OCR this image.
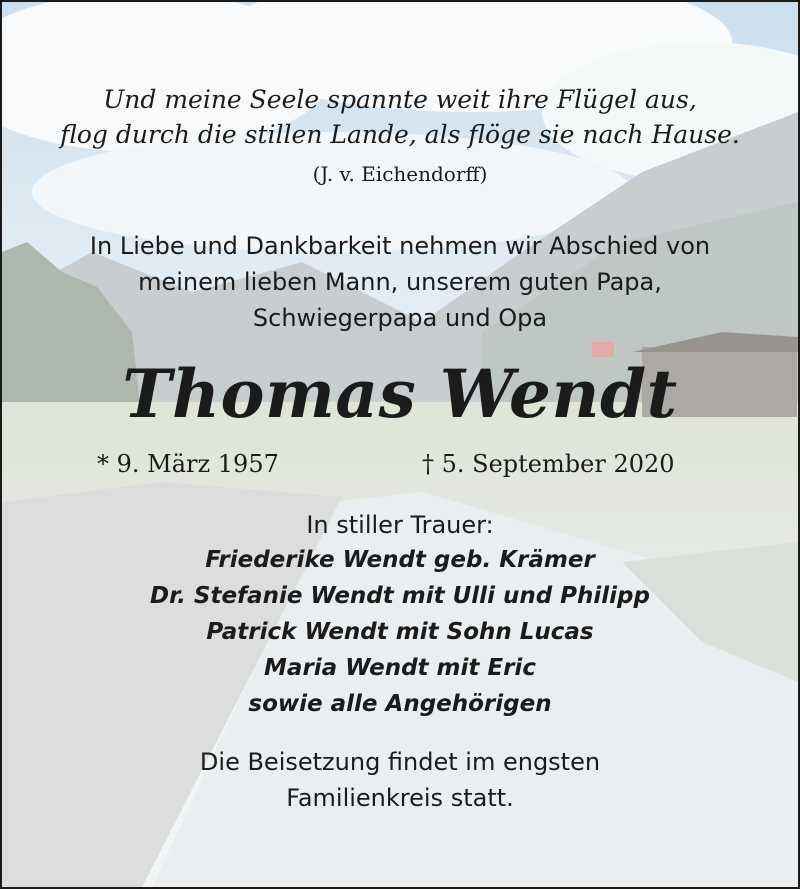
Und meine Seele spannte weit ihre Flügel aus,

flog durch die stillen Lande, als flöge sie nach Hause.

(J. v. Eichendorff)

In Liebe und Dankbarkeit nehmen wir Abschied von

meinem lieben Mann, unserem guten Papa,

Schwiegerpapa und Opa

Thomas Wendt

* 9. März 1957	† 5. September 2020

In stiller Trauer:

Friederike Wendt geb. Krämer
Dr. Stefanie Wendt mit Ulli und Philipp
Patrick Wendt mit Sohn Lucas
Maria Wendt mit Eric
sowie alle Angehörigen

Die Beisetzung findet im engsten

Familienkreis statt.
